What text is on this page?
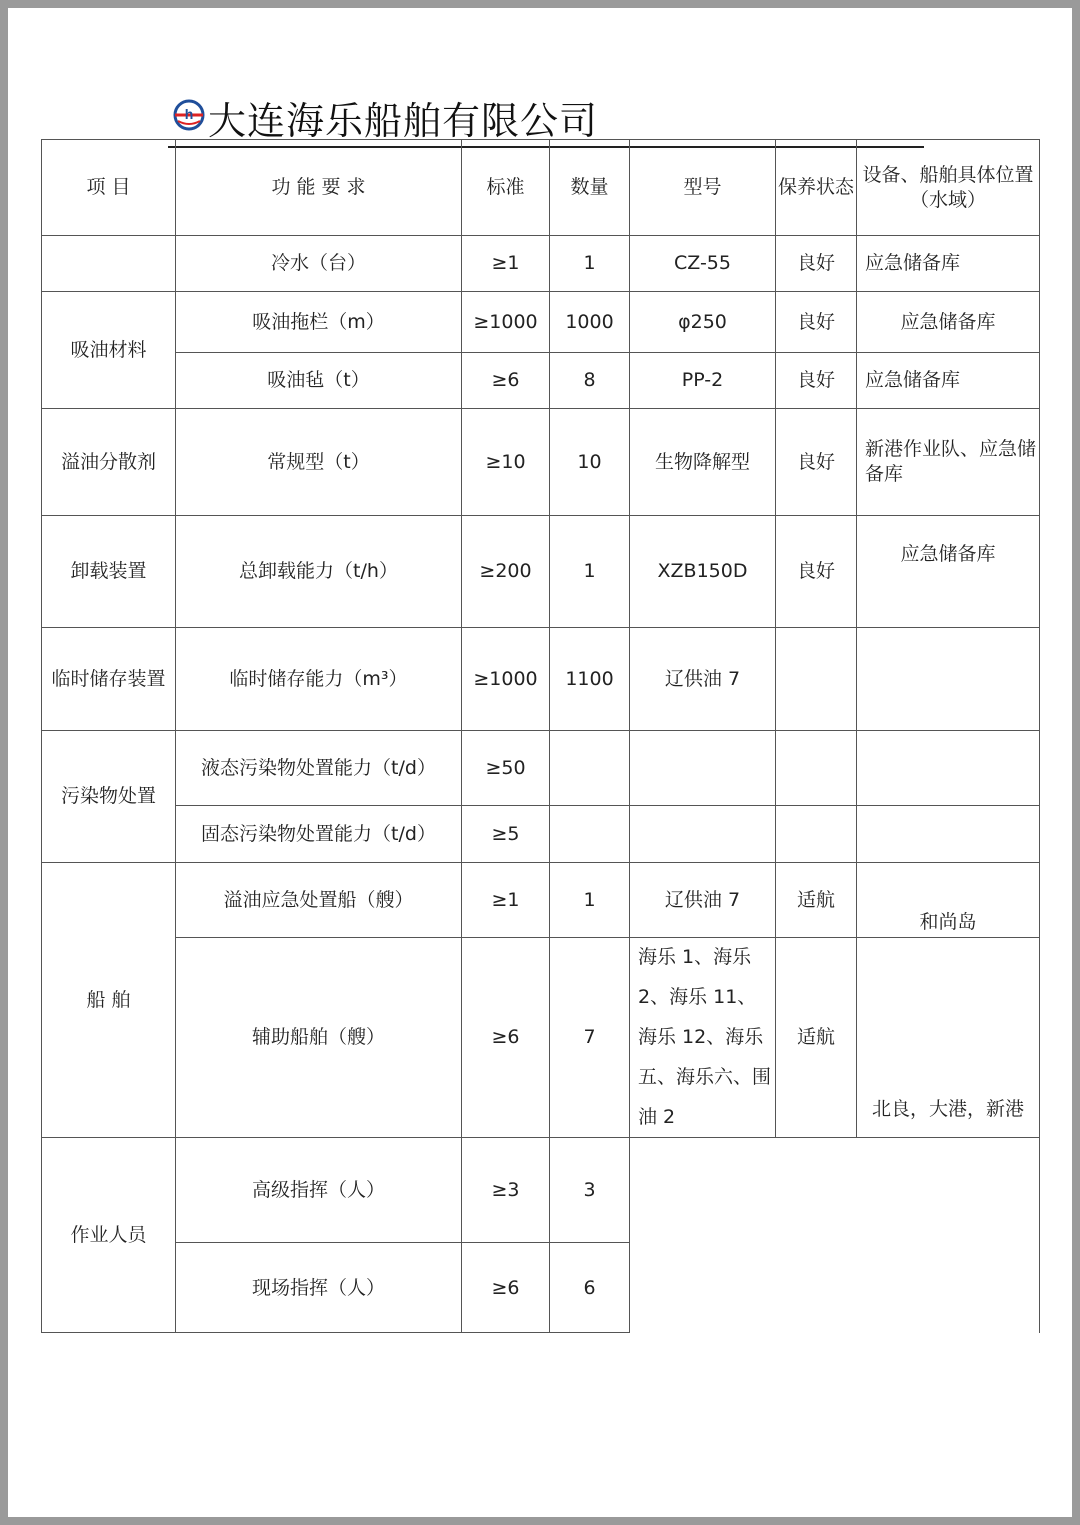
h 大连海乐船舶有限公司
项 目	功 能 要 求	标准	数量	型号	保养状态	设备、船舶具体位置（水域）
	冷水（台）	≥1	1	CZ-55	良好	应急储备库
吸油材料	吸油拖栏（m）	≥1000	1000	φ250	良好	应急储备库
	吸油毡（t）	≥6	8	PP-2	良好	应急储备库
溢油分散剂	常规型（t）	≥10	10	生物降解型	良好	新港作业队、应急储备库
卸载装置	总卸载能力（t/h）	≥200	1	XZB150D	良好	应急储备库
临时储存装置	临时储存能力（m³）	≥1000	1100	辽供油 7		
污染物处置	液态污染物处置能力（t/d）	≥50				
	固态污染物处置能力（t/d）	≥5				
船 舶	溢油应急处置船（艘）	≥1	1	辽供油 7	适航	和尚岛
	辅助船舶（艘）	≥6	7	海乐 1、海乐 2、海乐 11、海乐 12、海乐五、海乐六、围油 2	适航	北良，大港，新港
作业人员	高级指挥（人）	≥3	3			
	现场指挥（人）	≥6	6			
